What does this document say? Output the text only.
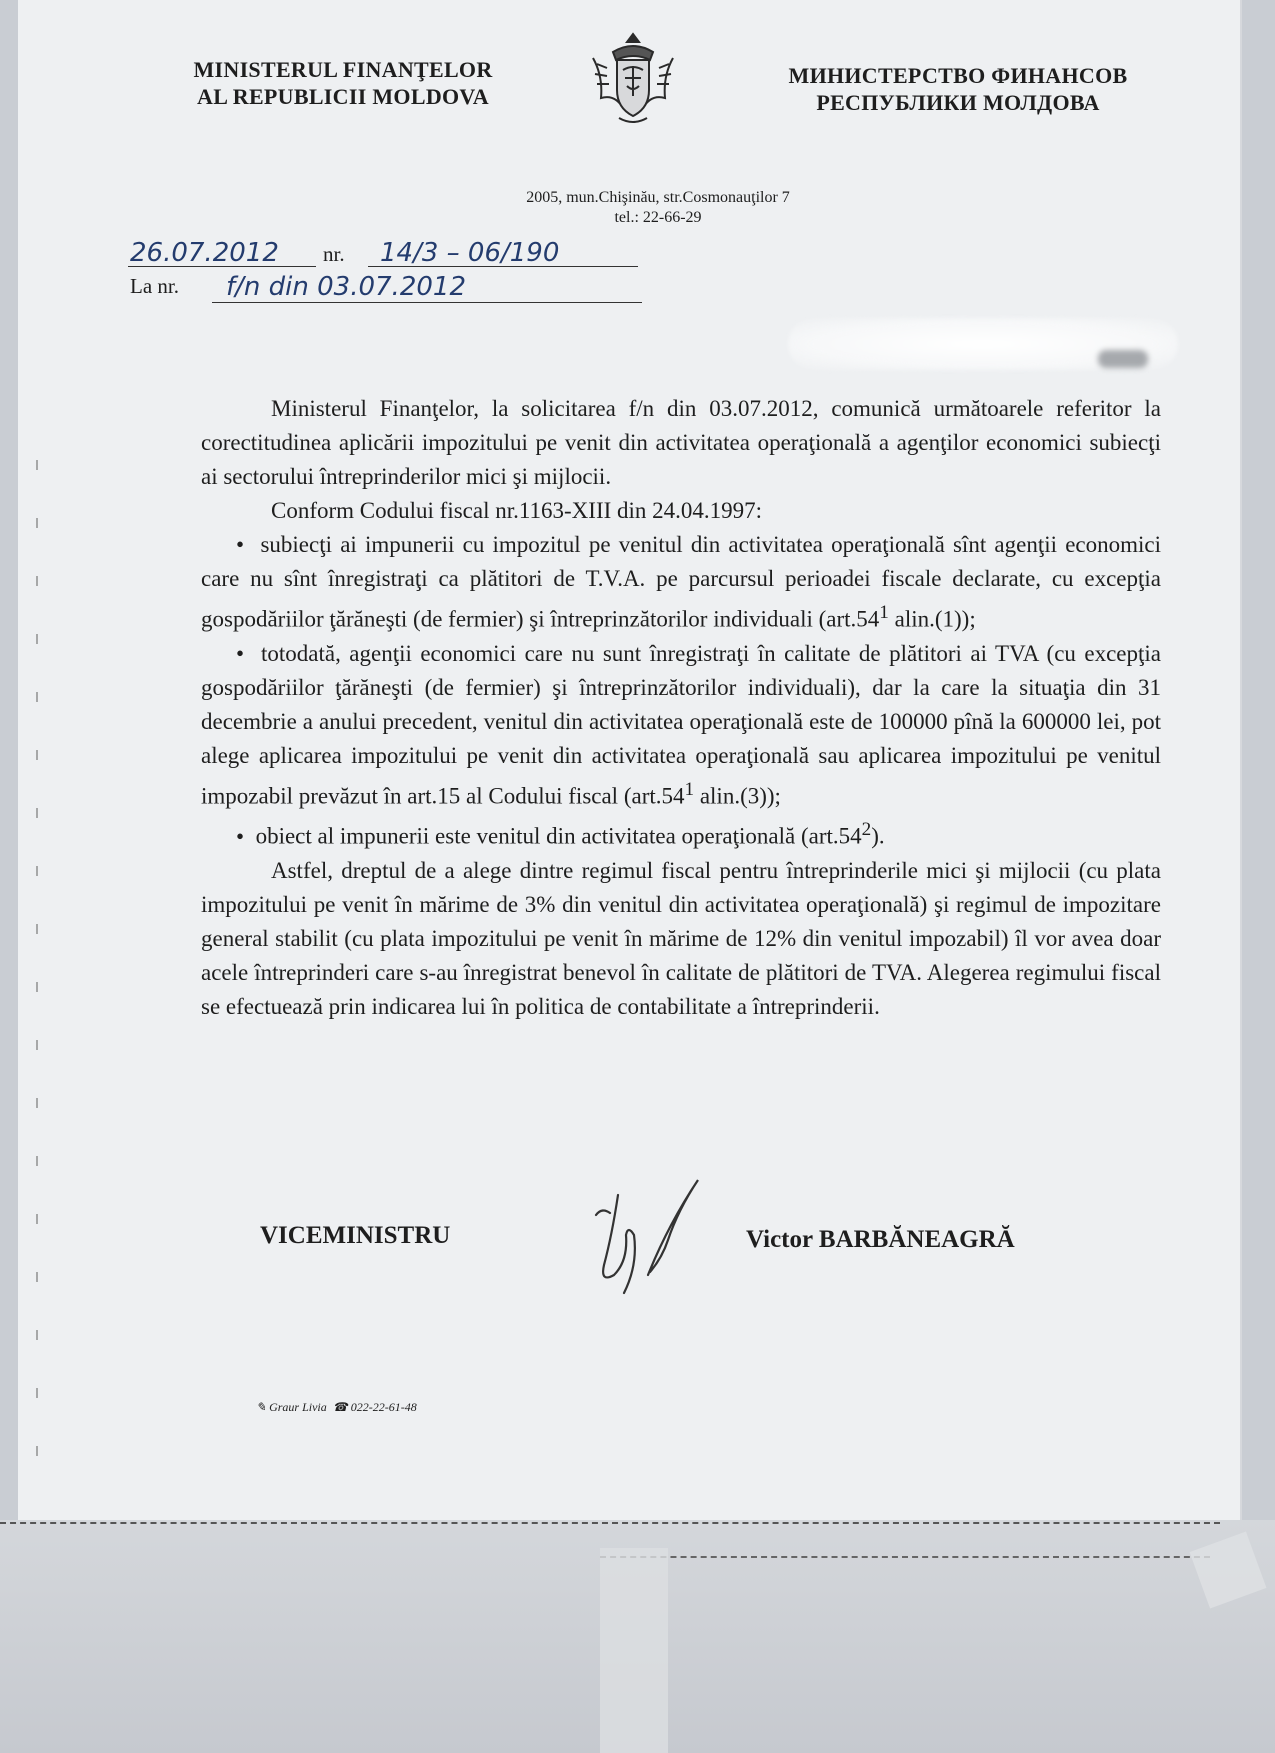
MINISTERUL FINANŢELOR
AL REPUBLICII MOLDOVA
МИНИСТЕРСТВО ФИНАНСОВ
РЕСПУБЛИКИ МОЛДОВА
2005, mun.Chişinău, str.Cosmonauţilor 7
tel.: 22-66-29
26.07.2012 nr. 14/3 – 06/190
La nr. f/n din 03.07.2012

Ministerul Finanţelor, la solicitarea f/n din 03.07.2012, comunică următoarele referitor la corectitudinea aplicării impozitului pe venit din activitatea operaţională a agenţilor economici subiecţi ai sectorului întreprinderilor mici şi mijlocii.

Conform Codului fiscal nr.1163-XIII din 24.04.1997:

•  subiecţi ai impunerii cu impozitul pe venitul din activitatea operaţională sînt agenţii economici care nu sînt înregistraţi ca plătitori de T.V.A. pe parcursul perioadei fiscale declarate, cu excepţia gospodăriilor ţărăneşti (de fermier) şi întreprinzătorilor individuali ($art.54^1$ alin.(1));

•  totodată, agenţii economici care nu sunt înregistraţi în calitate de plătitori ai TVA (cu excepţia gospodăriilor ţărăneşti (de fermier) şi întreprinzătorilor individuali), dar la care la situaţia din 31 decembrie a anului precedent, venitul din activitatea operaţională este de 100000 pînă la 600000 lei, pot alege aplicarea impozitului pe venit din activitatea operaţională sau aplicarea impozitului pe venitul impozabil prevăzut în art.15 al Codului fiscal ($art.54^1$ alin.(3));

•  obiect al impunerii este venitul din activitatea operaţională $(art.54^2)$.

Astfel, dreptul de a alege dintre regimul fiscal pentru întreprinderile mici şi mijlocii (cu plata impozitului pe venit în mărime de 3% din venitul din activitatea operaţională) şi regimul de impozitare general stabilit (cu plata impozitului pe venit în mărime de 12% din venitul impozabil) îl vor avea doar acele întreprinderi care s-au înregistrat benevol în calitate de plătitori de TVA. Alegerea regimului fiscal se efectuează prin indicarea lui în politica de contabilitate a întreprinderii.

VICEMINISTRU	Victor BARBĂNEAGRĂ
✎ Graur Livia ☎ 022-22-61-48
